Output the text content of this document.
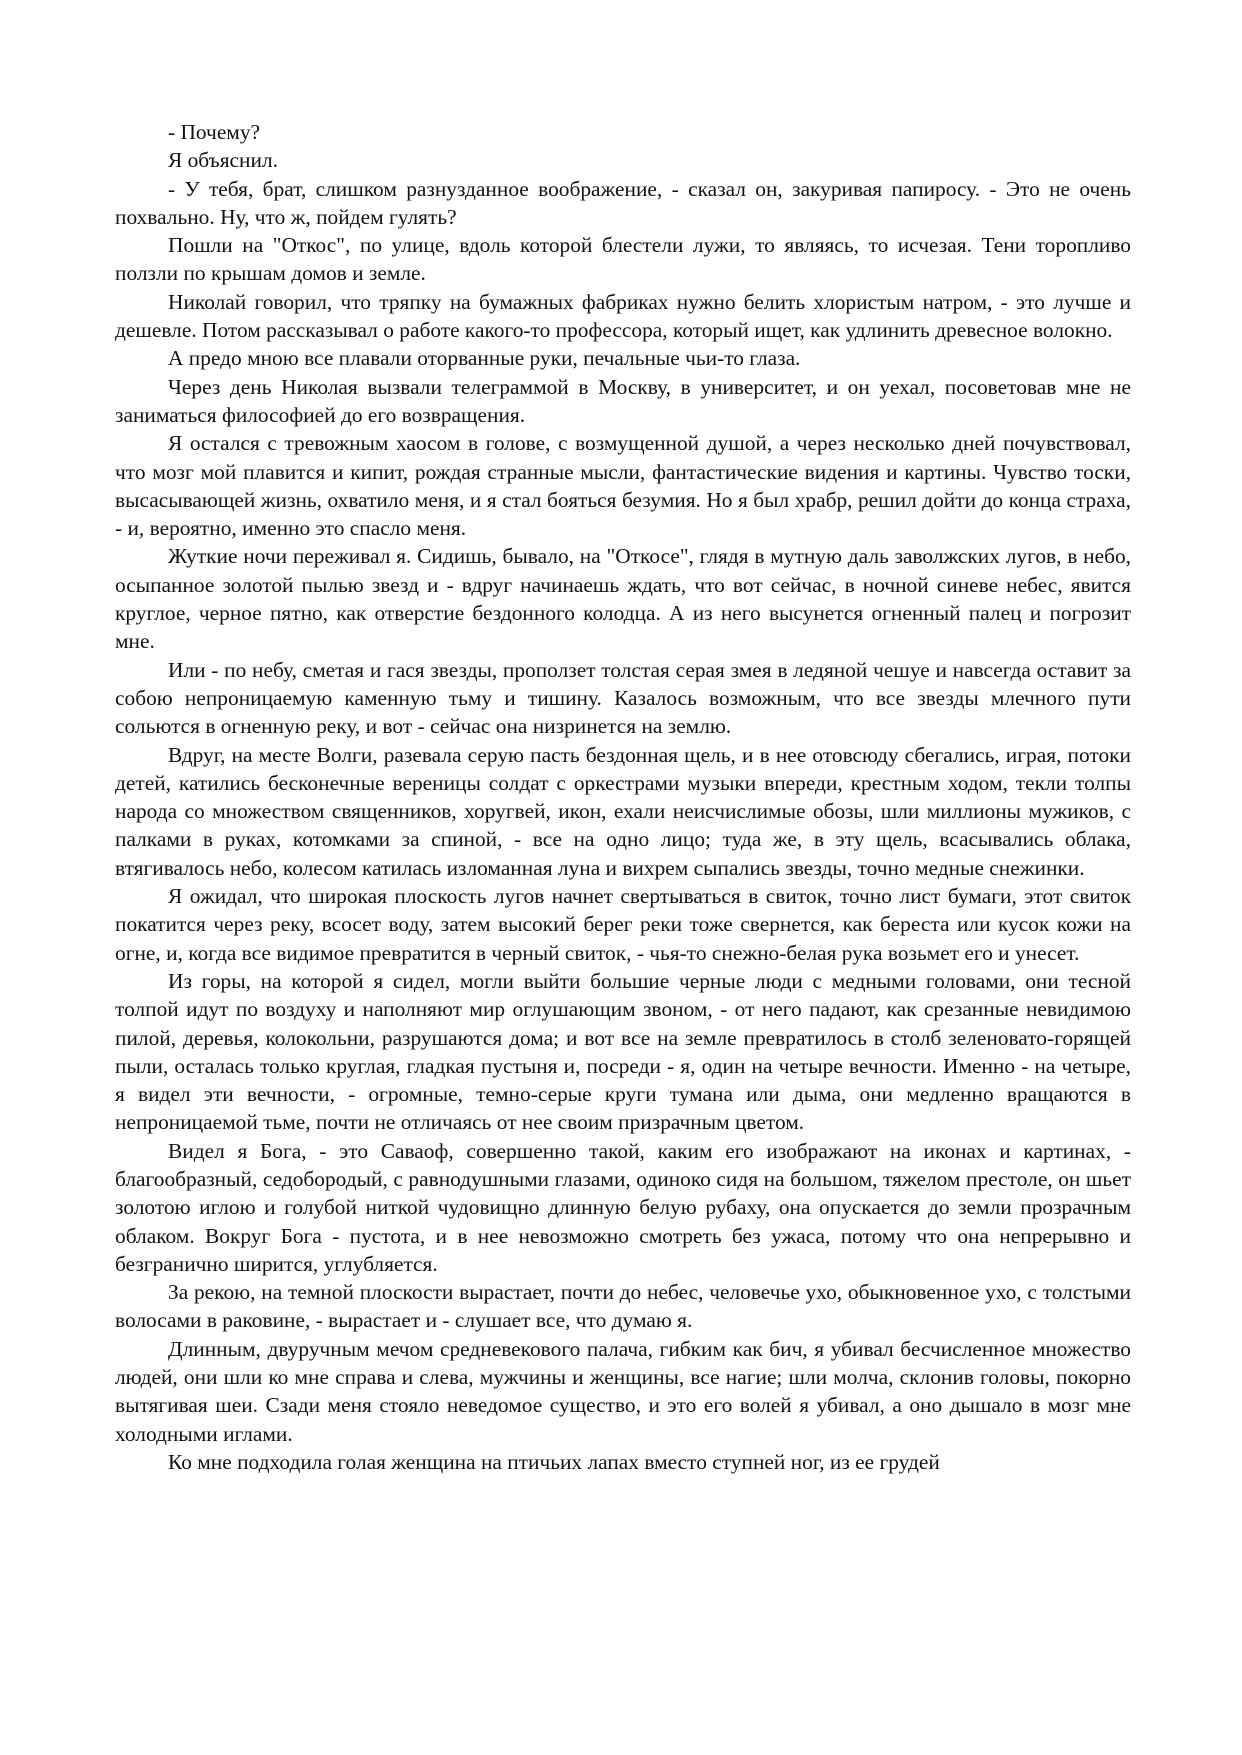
- Почему?

Я объяснил.

- У тебя, брат, слишком разнузданное воображение, - сказал он, закуривая папиросу. - Это не очень похвально. Ну, что ж, пойдем гулять?

Пошли на "Откос", по улице, вдоль которой блестели лужи, то являясь, то исчезая. Тени торопливо ползли по крышам домов и земле.

Николай говорил, что тряпку на бумажных фабриках нужно белить хлористым натром, - это лучше и дешевле. Потом рассказывал о работе какого-то профессора, который ищет, как удлинить древесное волокно.

А предо мною все плавали оторванные руки, печальные чьи-то глаза.

Через день Николая вызвали телеграммой в Москву, в университет, и он уехал, посоветовав мне не заниматься философией до его возвращения.

Я остался с тревожным хаосом в голове, с возмущенной душой, а через несколько дней почувствовал, что мозг мой плавится и кипит, рождая странные мысли, фантастические видения и картины. Чувство тоски, высасывающей жизнь, охватило меня, и я стал бояться безумия. Но я был храбр, решил дойти до конца страха, - и, вероятно, именно это спасло меня.

Жуткие ночи переживал я. Сидишь, бывало, на "Откосе", глядя в мутную даль заволжских лугов, в небо, осыпанное золотой пылью звезд и - вдруг начинаешь ждать, что вот сейчас, в ночной синеве небес, явится круглое, черное пятно, как отверстие бездонного колодца. А из него высунется огненный палец и погрозит мне.

Или - по небу, сметая и гася звезды, проползет толстая серая змея в ледяной чешуе и навсегда оставит за собою непроницаемую каменную тьму и тишину. Казалось возможным, что все звезды млечного пути сольются в огненную реку, и вот - сейчас она низринется на землю.

Вдруг, на месте Волги, разевала серую пасть бездонная щель, и в нее отовсюду сбегались, играя, потоки детей, катились бесконечные вереницы солдат с оркестрами музыки впереди, крестным ходом, текли толпы народа со множеством священников, хоругвей, икон, ехали неисчислимые обозы, шли миллионы мужиков, с палками в руках, котомками за спиной, - все на одно лицо; туда же, в эту щель, всасывались облака, втягивалось небо, колесом катилась изломанная луна и вихрем сыпались звезды, точно медные снежинки.

Я ожидал, что широкая плоскость лугов начнет свертываться в свиток, точно лист бумаги, этот свиток покатится через реку, всосет воду, затем высокий берег реки тоже свернется, как береста или кусок кожи на огне, и, когда все видимое превратится в черный свиток, - чья-то снежно-белая рука возьмет его и унесет.

Из горы, на которой я сидел, могли выйти большие черные люди с медными головами, они тесной толпой идут по воздуху и наполняют мир оглушающим звоном, - от него падают, как срезанные невидимою пилой, деревья, колокольни, разрушаются дома; и вот все на земле превратилось в столб зеленовато-горящей пыли, осталась только круглая, гладкая пустыня и, посреди - я, один на четыре вечности. Именно - на четыре, я видел эти вечности, - огромные, темно-серые круги тумана или дыма, они медленно вращаются в непроницаемой тьме, почти не отличаясь от нее своим призрачным цветом.

Видел я Бога, - это Саваоф, совершенно такой, каким его изображают на иконах и картинах, - благообразный, седобородый, с равнодушными глазами, одиноко сидя на большом, тяжелом престоле, он шьет золотою иглою и голубой ниткой чудовищно длинную белую рубаху, она опускается до земли прозрачным облаком. Вокруг Бога - пустота, и в нее невозможно смотреть без ужаса, потому что она непрерывно и безгранично ширится, углубляется.

За рекою, на темной плоскости вырастает, почти до небес, человечье ухо, обыкновенное ухо, с толстыми волосами в раковине, - вырастает и - слушает все, что думаю я.

Длинным, двуручным мечом средневекового палача, гибким как бич, я убивал бесчисленное множество людей, они шли ко мне справа и слева, мужчины и женщины, все нагие; шли молча, склонив головы, покорно вытягивая шеи. Сзади меня стояло неведомое существо, и это его волей я убивал, а оно дышало в мозг мне холодными иглами.

Ко мне подходила голая женщина на птичьих лапах вместо ступней ног, из ее грудей
